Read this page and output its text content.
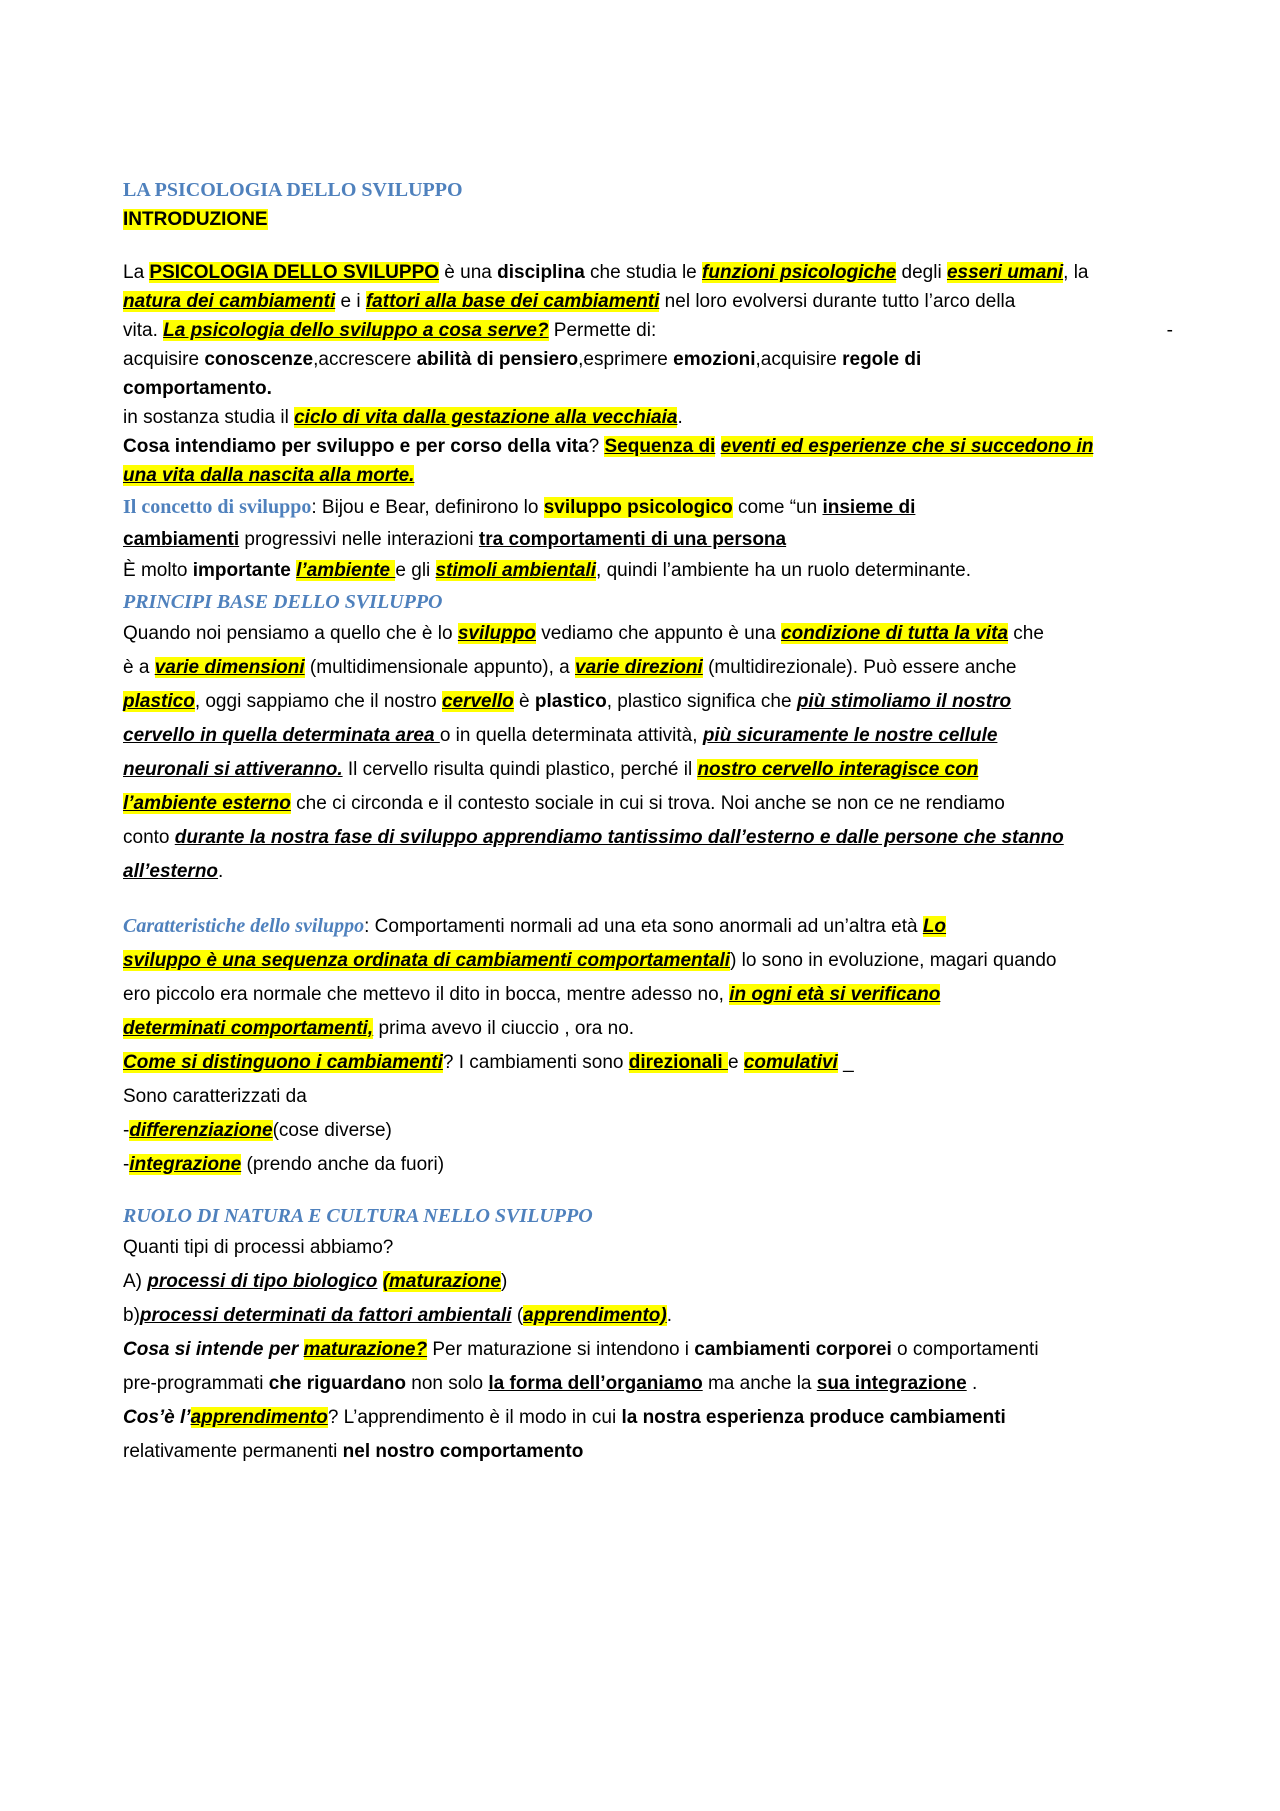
LA PSICOLOGIA DELLO SVILUPPO
INTRODUZIONE
La PSICOLOGIA DELLO SVILUPPO è una disciplina che studia le funzioni psicologiche degli esseri umani, la
natura dei cambiamenti e i fattori alla base dei cambiamenti nel loro evolversi durante tutto l’arco della
vita. La psicologia dello sviluppo a cosa serve? Permette di:	-
acquisire conoscenze,accrescere abilità di pensiero,esprimere emozioni,acquisire regole di
comportamento.
in sostanza studia il ciclo di vita dalla gestazione alla vecchiaia.
Cosa intendiamo per sviluppo e per corso della vita? Sequenza di eventi ed esperienze che si succedono in
una vita dalla nascita alla morte.
Il concetto di sviluppo: Bijou e Bear, definirono lo sviluppo psicologico come “un insieme di
cambiamenti progressivi nelle interazioni tra comportamenti di una persona
È molto importante l’ambiente e gli stimoli ambientali, quindi l’ambiente ha un ruolo determinante.
PRINCIPI BASE DELLO SVILUPPO
Quando noi pensiamo a quello che è lo sviluppo vediamo che appunto è una condizione di tutta la vita che
è a varie dimensioni (multidimensionale appunto), a varie direzioni (multidirezionale). Può essere anche
plastico, oggi sappiamo che il nostro cervello è plastico, plastico significa che più stimoliamo il nostro
cervello in quella determinata area o in quella determinata attività, più sicuramente le nostre cellule
neuronali si attiveranno. Il cervello risulta quindi plastico, perché il nostro cervello interagisce con
l’ambiente esterno che ci circonda e il contesto sociale in cui si trova. Noi anche se non ce ne rendiamo
conto durante la nostra fase di sviluppo apprendiamo tantissimo dall’esterno e dalle persone che stanno
all’esterno.
Caratteristiche dello sviluppo: Comportamenti normali ad una eta sono anormali ad un’altra età Lo
sviluppo è una sequenza ordinata di cambiamenti comportamentali) lo sono in evoluzione, magari quando
ero piccolo era normale che mettevo il dito in bocca, mentre adesso no, in ogni età si verificano
determinati comportamenti, prima avevo il ciuccio , ora no.
Come si distinguono i cambiamenti? I cambiamenti sono direzionali e comulativi _
Sono caratterizzati da
-differenziazione(cose diverse)
-integrazione (prendo anche da fuori)
RUOLO DI NATURA E CULTURA NELLO SVILUPPO
Quanti tipi di processi abbiamo?
A) processi di tipo biologico (maturazione)
b)processi determinati da fattori ambientali (apprendimento).
Cosa si intende per maturazione? Per maturazione si intendono i cambiamenti corporei o comportamenti
pre-programmati che riguardano non solo la forma dell’organiamo ma anche la sua integrazione .
Cos’è l’apprendimento? L’apprendimento è il modo in cui la nostra esperienza produce cambiamenti
relativamente permanenti nel nostro comportamento
